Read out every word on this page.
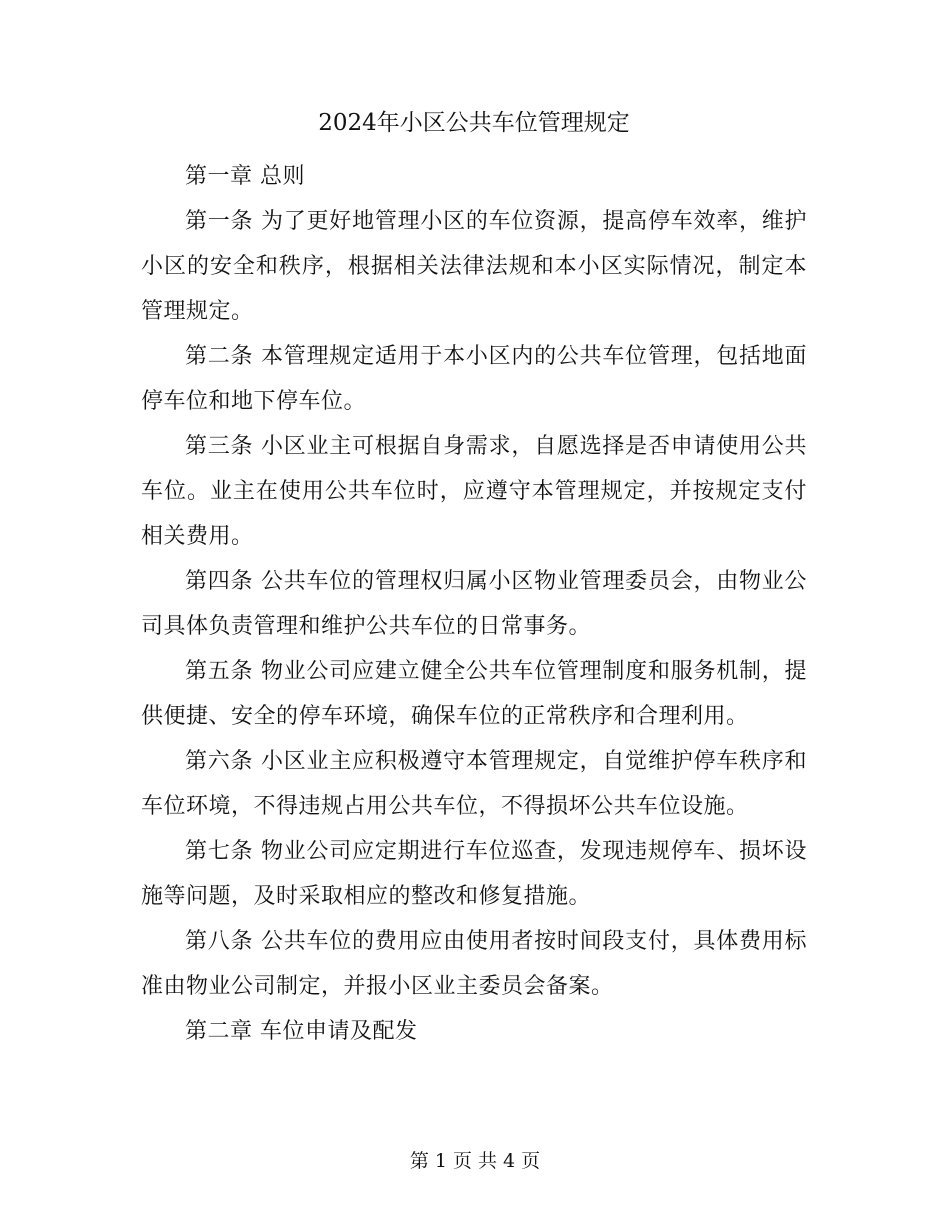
2024年小区公共车位管理规定

第一章 总则

第一条 为了更好地管理小区的车位资源，提高停车效率，维护小区的安全和秩序，根据相关法律法规和本小区实际情况，制定本管理规定。

第二条 本管理规定适用于本小区内的公共车位管理，包括地面停车位和地下停车位。

第三条 小区业主可根据自身需求，自愿选择是否申请使用公共车位。业主在使用公共车位时，应遵守本管理规定，并按规定支付相关费用。

第四条 公共车位的管理权归属小区物业管理委员会，由物业公司具体负责管理和维护公共车位的日常事务。

第五条 物业公司应建立健全公共车位管理制度和服务机制，提供便捷、安全的停车环境，确保车位的正常秩序和合理利用。

第六条 小区业主应积极遵守本管理规定，自觉维护停车秩序和车位环境，不得违规占用公共车位，不得损坏公共车位设施。

第七条 物业公司应定期进行车位巡查，发现违规停车、损坏设施等问题，及时采取相应的整改和修复措施。

第八条 公共车位的费用应由使用者按时间段支付，具体费用标准由物业公司制定，并报小区业主委员会备案。

第二章 车位申请及配发

第 1 页 共 4 页
